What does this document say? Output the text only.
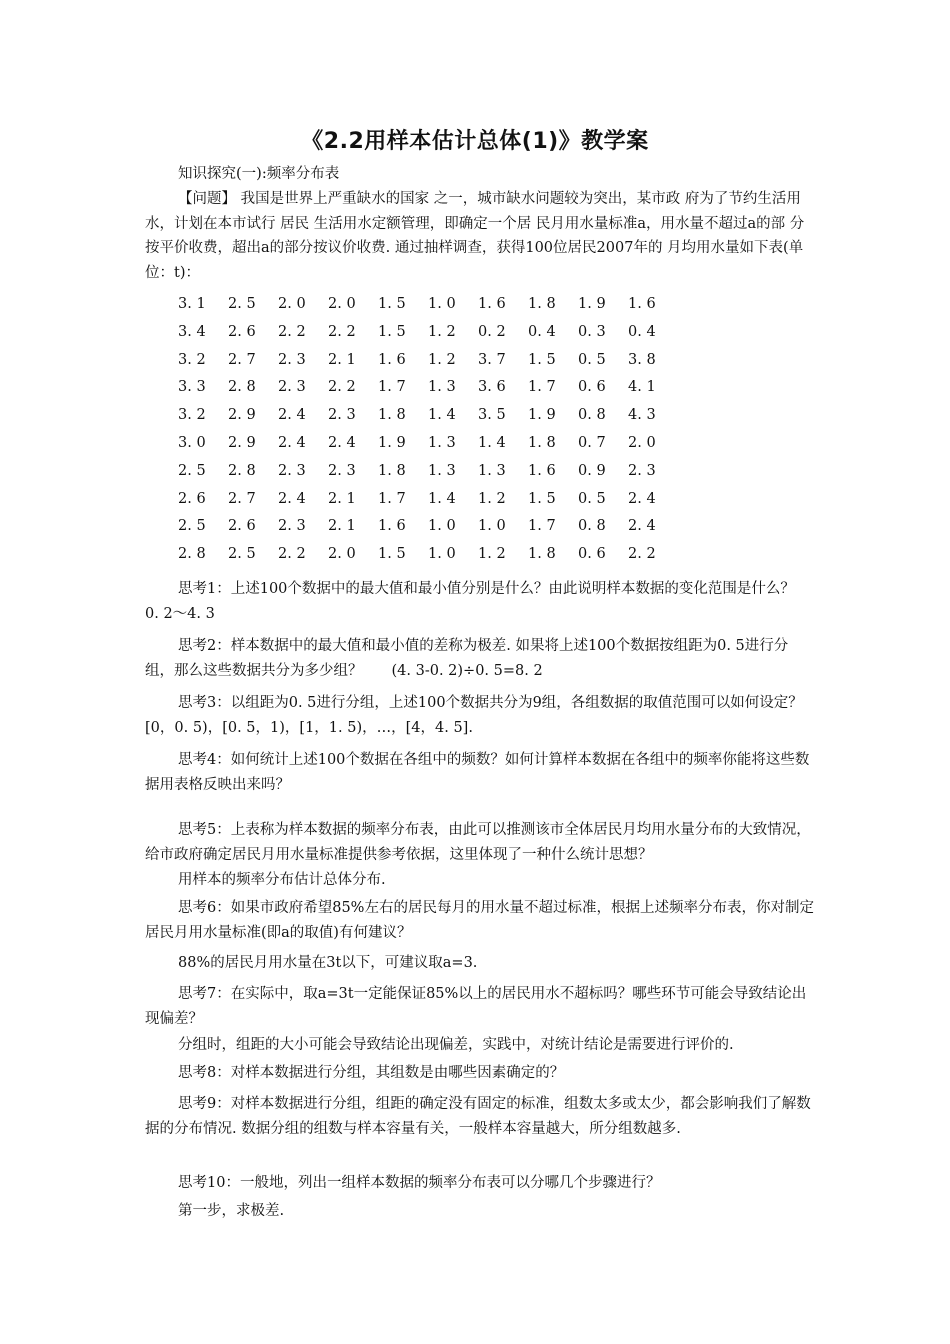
《2.2用样本估计总体(1)》教学案
知识探究(一):频率分布表
【问题】 我国是世界上严重缺水的国家 之一，城市缺水问题较为突出，某市政 府为了节约生活用水，计划在本市试行 居民 生活用水定额管理，即确定一个居 民月用水量标准a，用水量不超过a的部 分按平价收费，超出a的部分按议价收费. 通过抽样调查，获得100位居民2007年的 月均用水量如下表(单位：t)：
3. 1 2. 5 2. 0 2. 0 1. 5 1. 0 1. 6 1. 8 1. 9 1. 6
3. 4 2. 6 2. 2 2. 2 1. 5 1. 2 0. 2 0. 4 0. 3 0. 4
3. 2 2. 7 2. 3 2. 1 1. 6 1. 2 3. 7 1. 5 0. 5 3. 8
3. 3 2. 8 2. 3 2. 2 1. 7 1. 3 3. 6 1. 7 0. 6 4. 1
3. 2 2. 9 2. 4 2. 3 1. 8 1. 4 3. 5 1. 9 0. 8 4. 3
3. 0 2. 9 2. 4 2. 4 1. 9 1. 3 1. 4 1. 8 0. 7 2. 0
2. 5 2. 8 2. 3 2. 3 1. 8 1. 3 1. 3 1. 6 0. 9 2. 3
2. 6 2. 7 2. 4 2. 1 1. 7 1. 4 1. 2 1. 5 0. 5 2. 4
2. 5 2. 6 2. 3 2. 1 1. 6 1. 0 1. 0 1. 7 0. 8 2. 4
2. 8 2. 5 2. 2 2. 0 1. 5 1. 0 1. 2 1. 8 0. 6 2. 2
思考1：上述100个数据中的最大值和最小值分别是什么？由此说明样本数据的变化范围是什么？　　　　0. 2～4. 3
思考2：样本数据中的最大值和最小值的差称为极差. 如果将上述100个数据按组距为0. 5进行分组，那么这些数据共分为多少组？　　(4. 3-0. 2)÷0. 5=8. 2
思考3：以组距为0. 5进行分组，上述100个数据共分为9组，各组数据的取值范围可以如何设定？[0，0. 5)，[0. 5，1)，[1，1. 5)，…，[4，4. 5].
思考4：如何统计上述100个数据在各组中的频数？如何计算样本数据在各组中的频率你能将这些数据用表格反映出来吗？
思考5：上表称为样本数据的频率分布表，由此可以推测该市全体居民月均用水量分布的大致情况，给市政府确定居民月用水量标准提供参考依据，这里体现了一种什么统计思想？
用样本的频率分布估计总体分布.
思考6：如果市政府希望85%左右的居民每月的用水量不超过标准，根据上述频率分布表，你对制定居民月用水量标准(即a的取值)有何建议？
88%的居民月用水量在3t以下，可建议取a=3.
思考7：在实际中，取a=3t一定能保证85%以上的居民用水不超标吗？哪些环节可能会导致结论出现偏差？
分组时，组距的大小可能会导致结论出现偏差，实践中，对统计结论是需要进行评价的.
思考8：对样本数据进行分组，其组数是由哪些因素确定的？
思考9：对样本数据进行分组，组距的确定没有固定的标准，组数太多或太少，都会影响我们了解数据的分布情况. 数据分组的组数与样本容量有关，一般样本容量越大，所分组数越多.
思考10：一般地，列出一组样本数据的频率分布表可以分哪几个步骤进行？
第一步，求极差.
